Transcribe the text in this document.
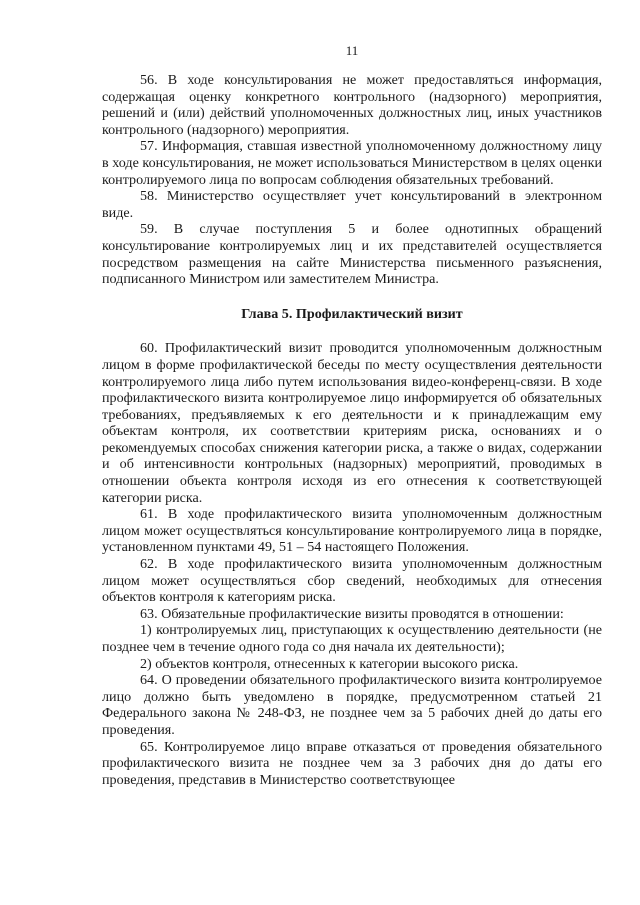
11

56. В ходе консультирования не может предоставляться информация, содержащая оценку конкретного контрольного (надзорного) мероприятия, решений и (или) действий уполномоченных должностных лиц, иных участников контрольного (надзорного) мероприятия.

57. Информация, ставшая известной уполномоченному должностному лицу в ходе консультирования, не может использоваться Министерством в целях оценки контролируемого лица по вопросам соблюдения обязательных требований.

58. Министерство осуществляет учет консультирований в электронном виде.

59. В случае поступления 5 и более однотипных обращений консультирование контролируемых лиц и их представителей осуществляется посредством размещения на сайте Министерства письменного разъяснения, подписанного Министром или заместителем Министра.

Глава 5. Профилактический визит

60. Профилактический визит проводится уполномоченным должностным лицом в форме профилактической беседы по месту осуществления деятельности контролируемого лица либо путем использования видео-конференц-связи. В ходе профилактического визита контролируемое лицо информируется об обязательных требованиях, предъявляемых к его деятельности и к принадлежащим ему объектам контроля, их соответствии критериям риска, основаниях и о рекомендуемых способах снижения категории риска, а также о видах, содержании и об интенсивности контрольных (надзорных) мероприятий, проводимых в отношении объекта контроля исходя из его отнесения к соответствующей категории риска.

61. В ходе профилактического визита уполномоченным должностным лицом может осуществляться консультирование контролируемого лица в порядке, установленном пунктами 49, 51 – 54 настоящего Положения.

62. В ходе профилактического визита уполномоченным должностным лицом может осуществляться сбор сведений, необходимых для отнесения объектов контроля к категориям риска.

63. Обязательные профилактические визиты проводятся в отношении:

1) контролируемых лиц, приступающих к осуществлению деятельности (не позднее чем в течение одного года со дня начала их деятельности);

2) объектов контроля, отнесенных к категории высокого риска.

64. О проведении обязательного профилактического визита контролируемое лицо должно быть уведомлено в порядке, предусмотренном статьей 21 Федерального закона № 248-ФЗ, не позднее чем за 5 рабочих дней до даты его проведения.

65. Контролируемое лицо вправе отказаться от проведения обязательного профилактического визита не позднее чем за 3 рабочих дня до даты его проведения, представив в Министерство соответствующее
